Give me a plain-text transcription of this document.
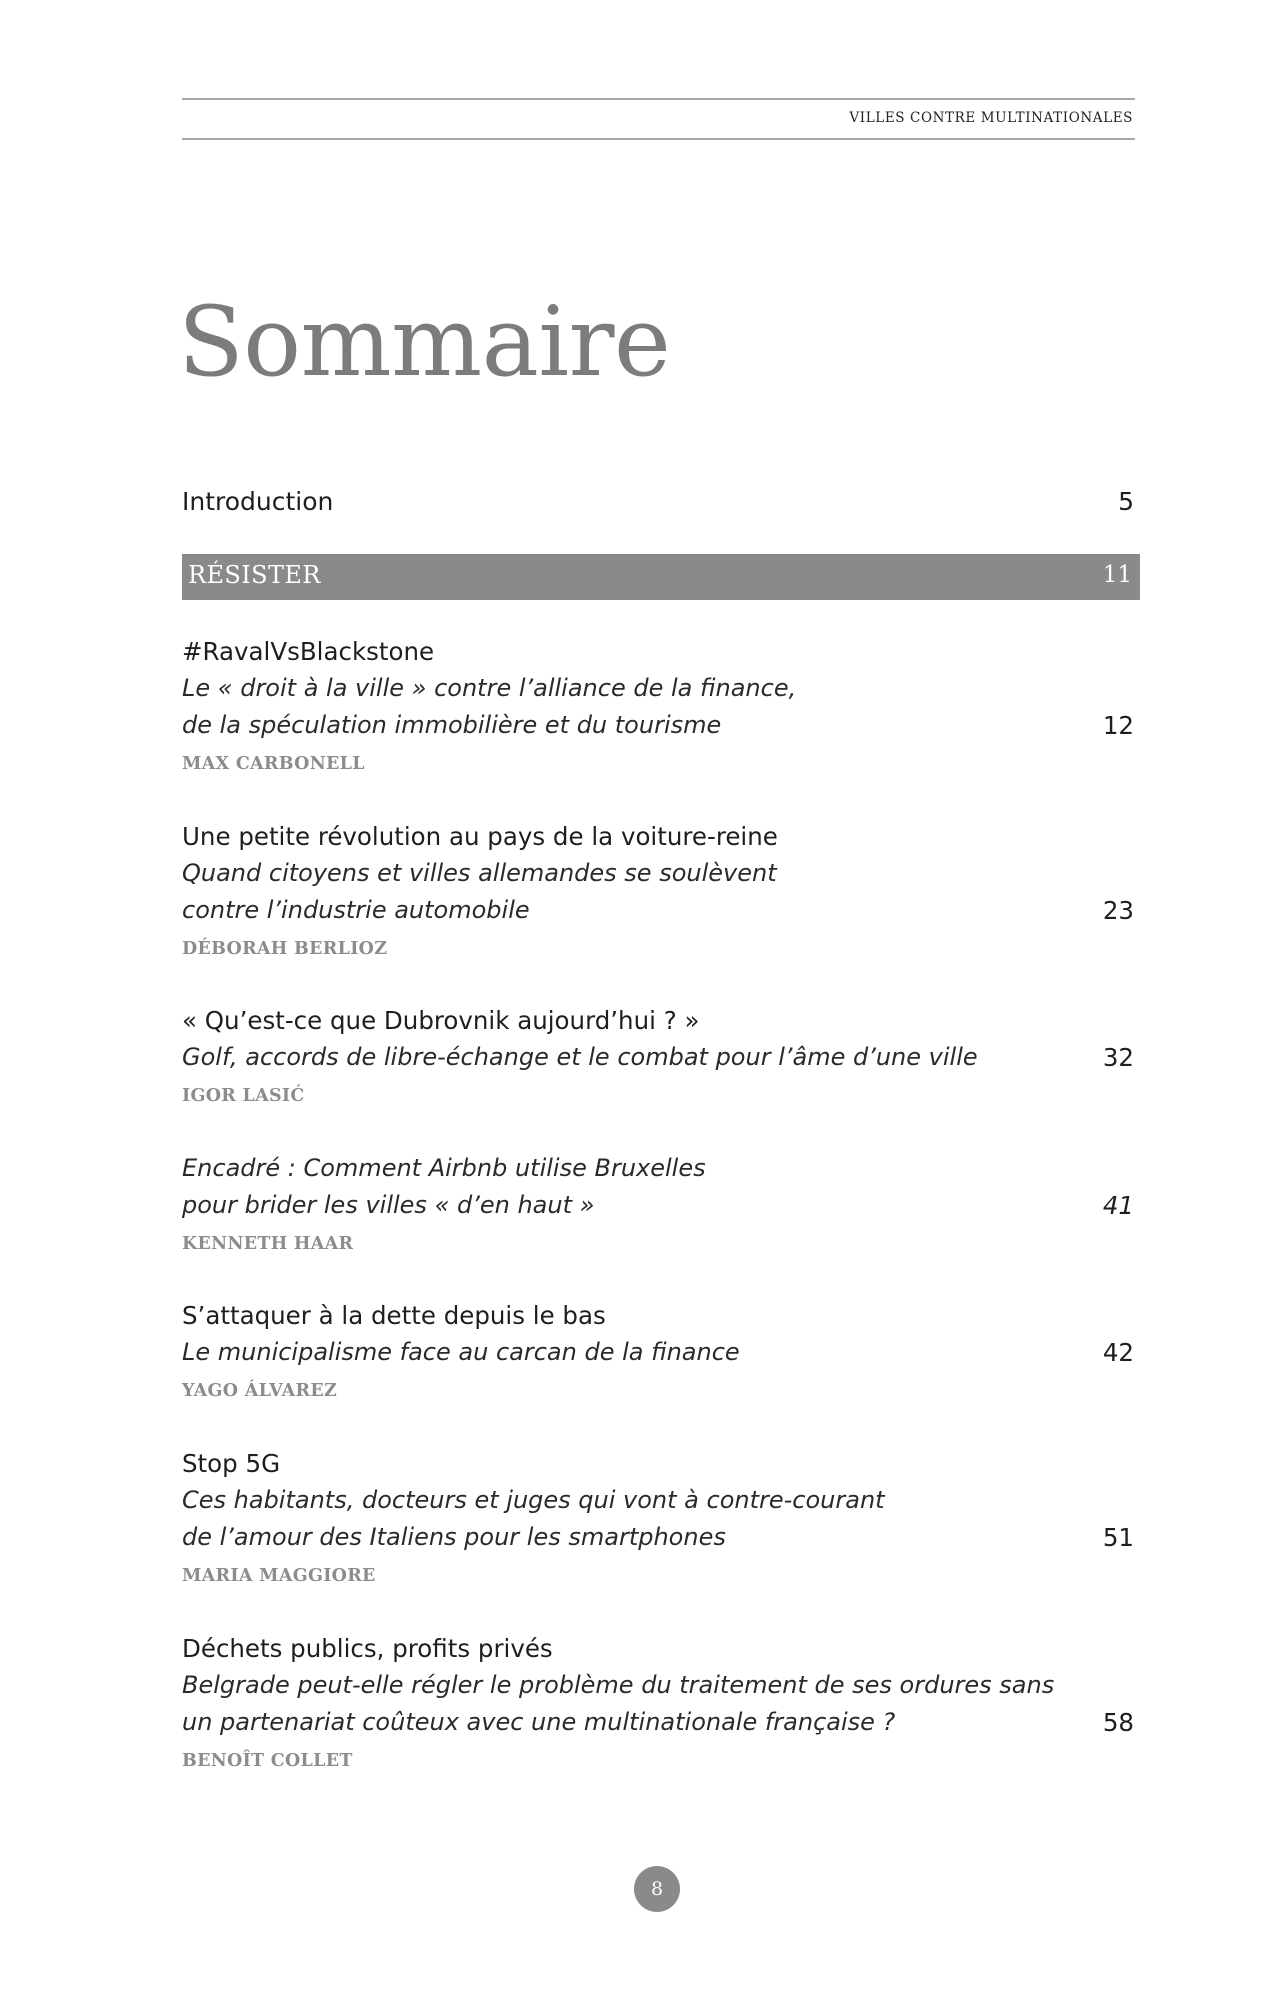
VILLES CONTRE MULTINATIONALES
Sommaire
Introduction	5
RÉSISTER	11
#RavalVsBlackstone
Le « droit à la ville » contre l’alliance de la finance,
de la spéculation immobilière et du tourisme
MAX CARBONELL
12
Une petite révolution au pays de la voiture-reine
Quand citoyens et villes allemandes se soulèvent
contre l’industrie automobile
DÉBORAH BERLIOZ
23
« Qu’est-ce que Dubrovnik aujourd’hui ? »
Golf, accords de libre-échange et le combat pour l’âme d’une ville
IGOR LASIĆ
32
Encadré : Comment Airbnb utilise Bruxelles
pour brider les villes « d’en haut »
KENNETH HAAR
41
S’attaquer à la dette depuis le bas
Le municipalisme face au carcan de la finance
YAGO ÁLVAREZ
42
Stop 5G
Ces habitants, docteurs et juges qui vont à contre-courant
de l’amour des Italiens pour les smartphones
MARIA MAGGIORE
51
Déchets publics, profits privés
Belgrade peut-elle régler le problème du traitement de ses ordures sans
un partenariat coûteux avec une multinationale française ?
BENOÎT COLLET
58
8
